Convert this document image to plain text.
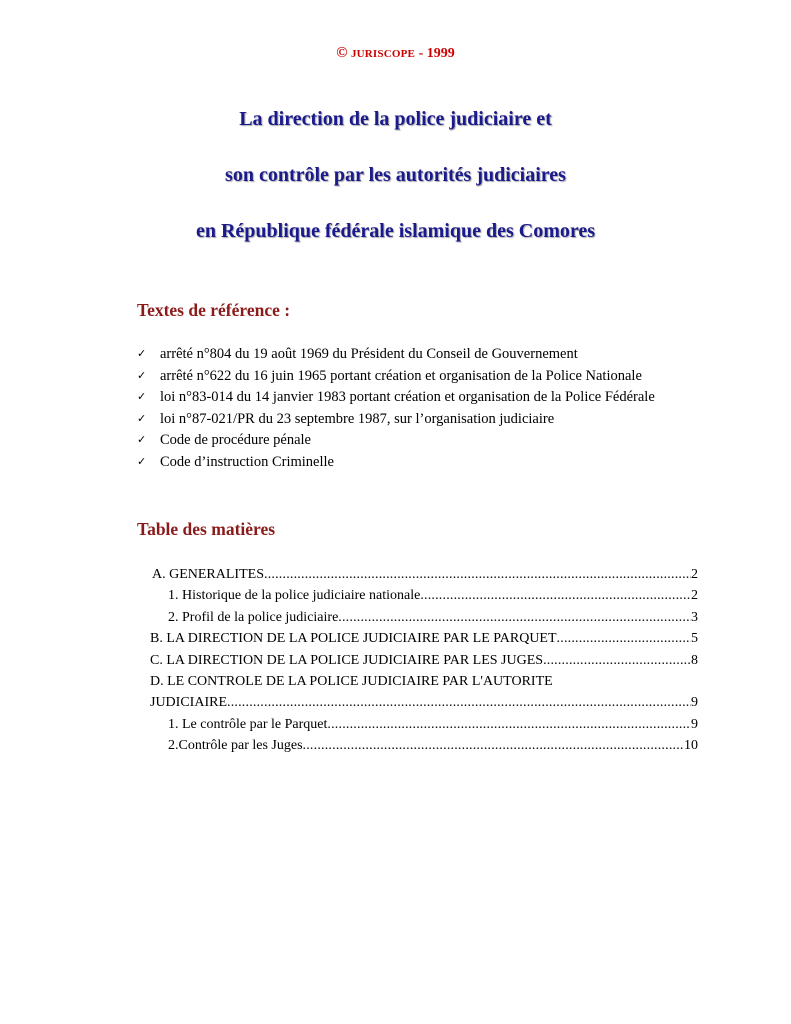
© JURISCOPE - 1999
La direction de la police judiciaire et
son contrôle par les autorités judiciaires
en République fédérale islamique des Comores
Textes de référence :
✓ arrêté n°804 du 19 août 1969 du Président du Conseil de Gouvernement
✓ arrêté n°622 du 16 juin 1965 portant création et organisation de la Police Nationale
✓ loi n°83-014 du 14 janvier 1983 portant création et organisation de la Police Fédérale
✓ loi n°87-021/PR du 23 septembre 1987, sur l’organisation judiciaire
✓ Code de procédure pénale
✓ Code d’instruction Criminelle
Table des matières
A. GENERALITES .....	2
1. Historique de la police judiciaire nationale .....	2
2. Profil de la police judiciaire .....	3
B. LA DIRECTION DE LA POLICE JUDICIAIRE PAR LE PARQUET .....	5
C. LA DIRECTION DE LA POLICE JUDICIAIRE PAR LES JUGES .....	8
D. LE CONTROLE DE LA POLICE JUDICIAIRE PAR L'AUTORITE
JUDICIAIRE .....	9
1. Le contrôle par le Parquet .....	9
2.Contrôle par les Juges .....	10
